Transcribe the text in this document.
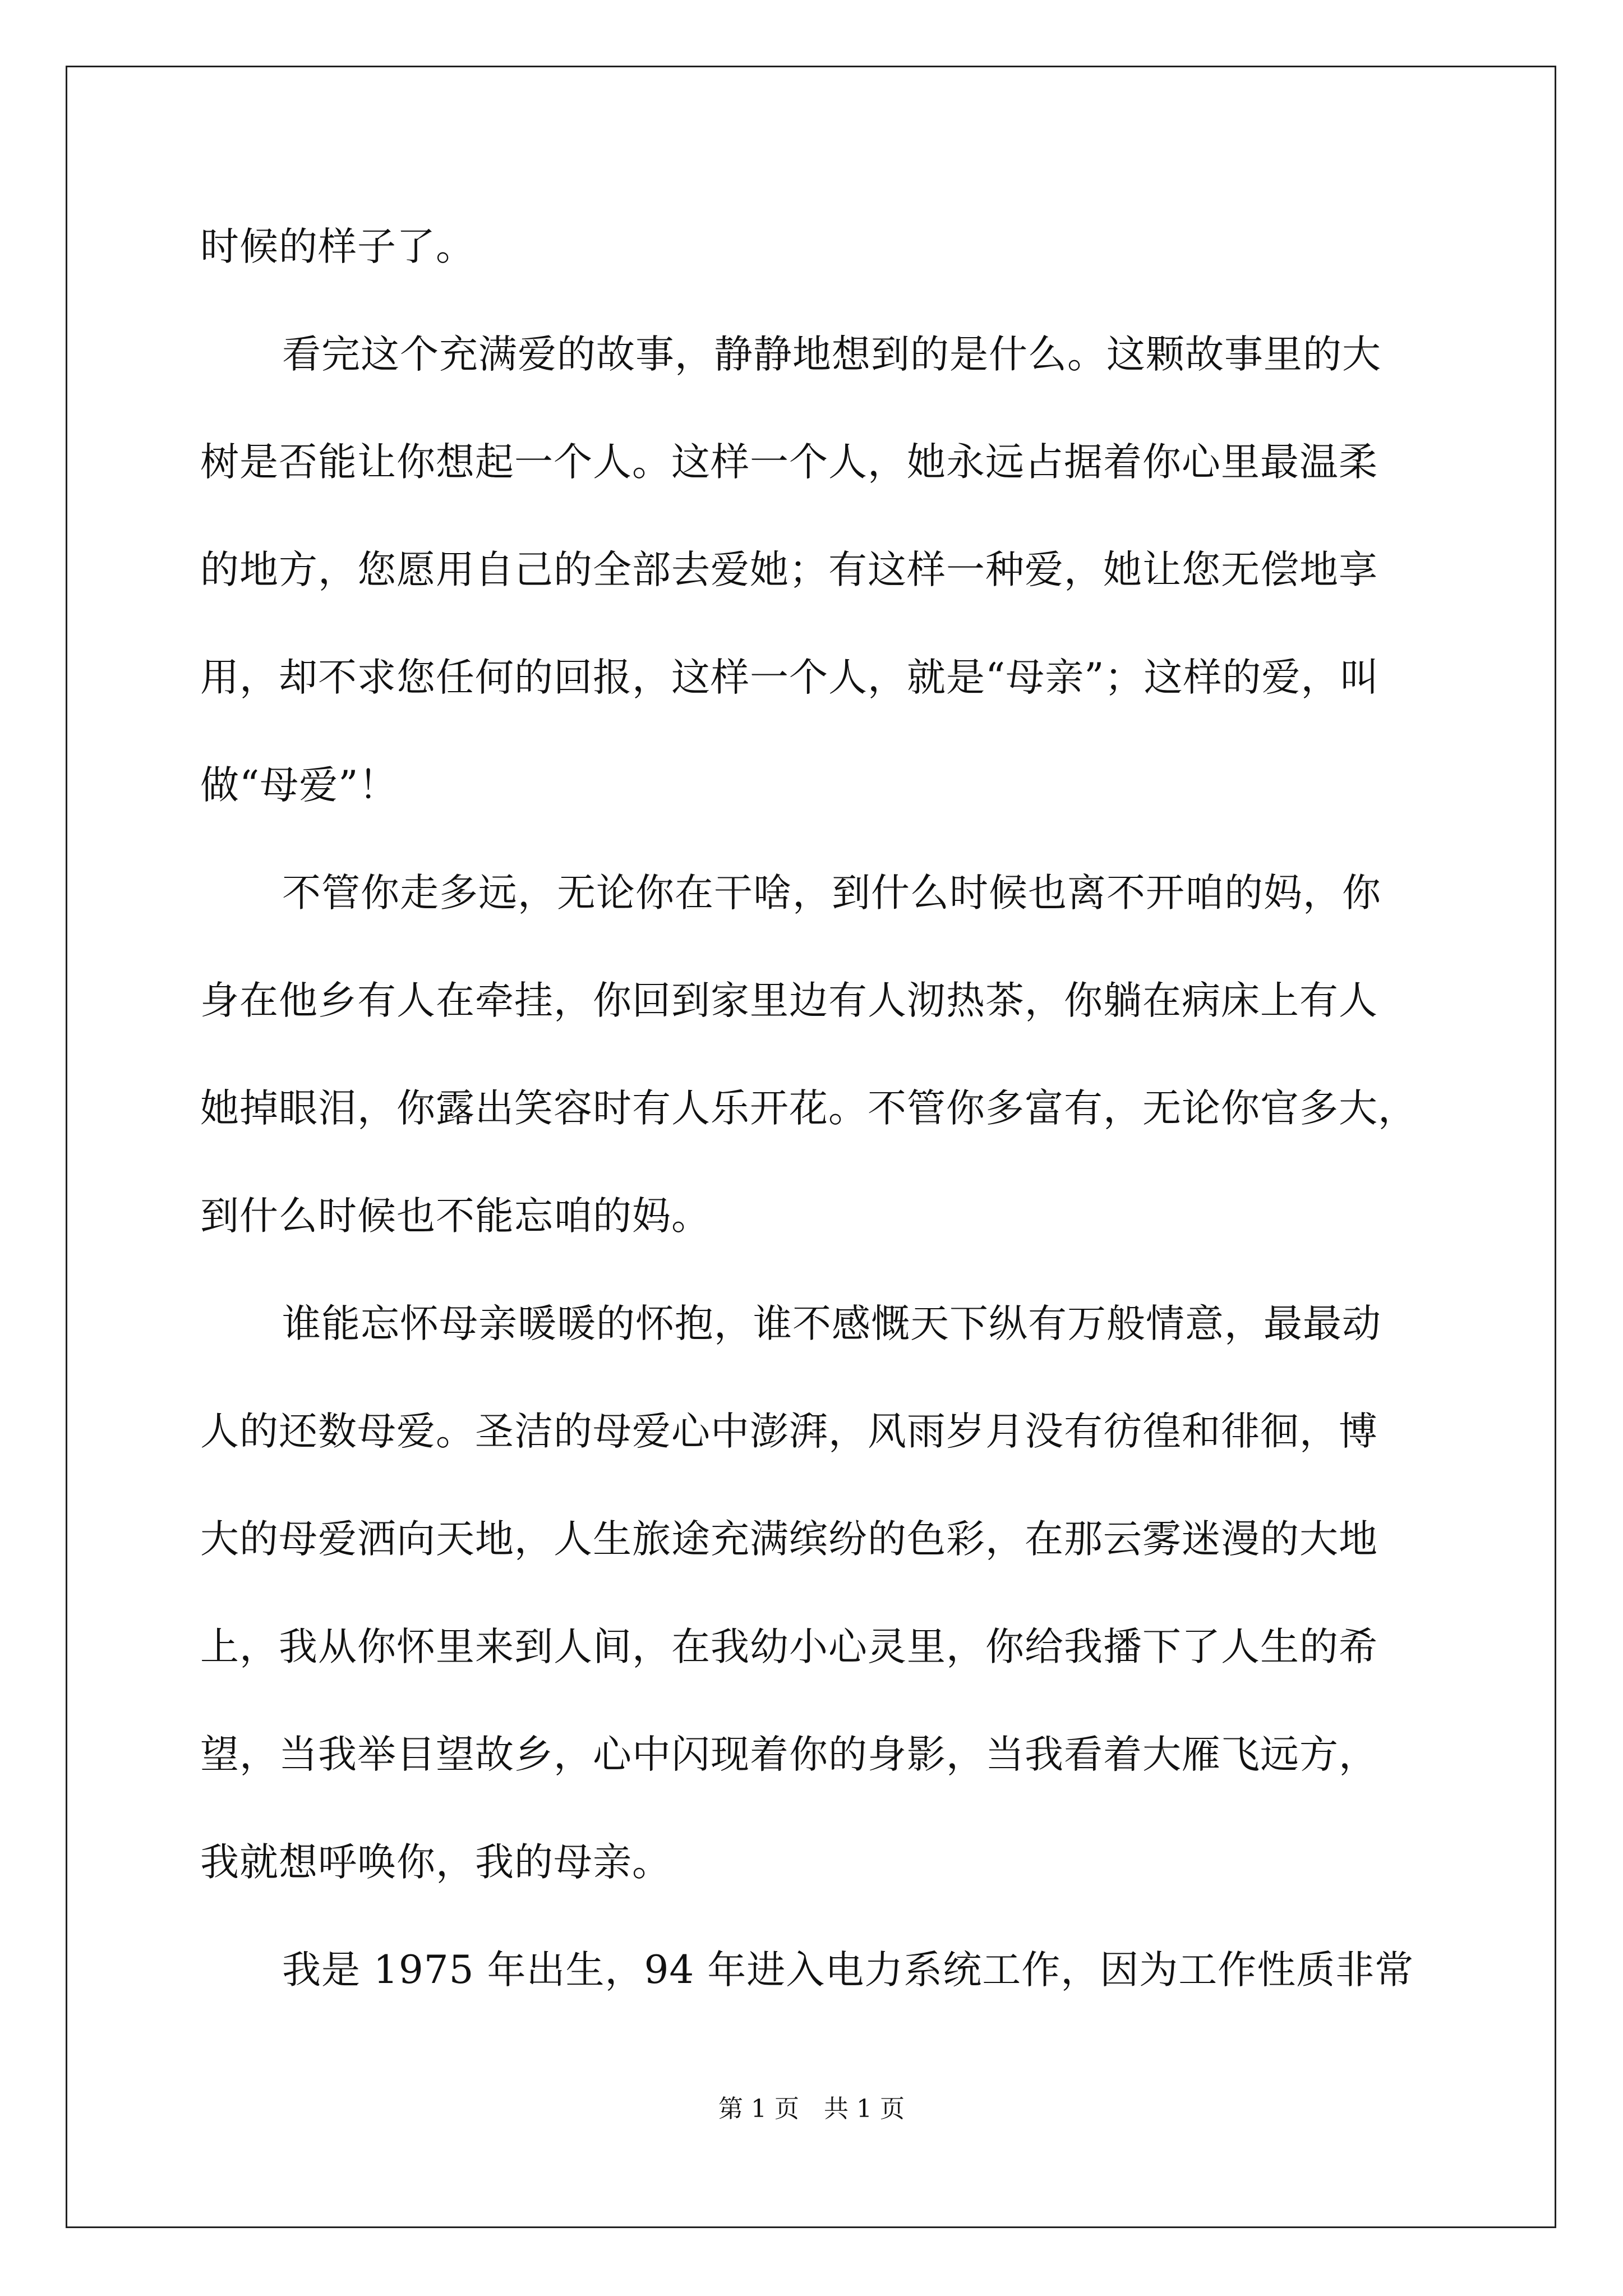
时候的样子了。
看完这个充满爱的故事，静静地想到的是什么。这颗故事里的大
树是否能让你想起一个人。这样一个人，她永远占据着你心里最温柔
的地方，您愿用自己的全部去爱她；有这样一种爱，她让您无偿地享
用，却不求您任何的回报，这样一个人，就是“母亲”；这样的爱，叫
做“母爱”！
不管你走多远，无论你在干啥，到什么时候也离不开咱的妈，你
身在他乡有人在牵挂，你回到家里边有人沏热茶，你躺在病床上有人
她掉眼泪，你露出笑容时有人乐开花。不管你多富有，无论你官多大，
到什么时候也不能忘咱的妈。
谁能忘怀母亲暖暖的怀抱，谁不感慨天下纵有万般情意，最最动
人的还数母爱。圣洁的母爱心中澎湃，风雨岁月没有彷徨和徘徊，博
大的母爱洒向天地，人生旅途充满缤纷的色彩，在那云雾迷漫的大地
上，我从你怀里来到人间，在我幼小心灵里，你给我播下了人生的希
望，当我举目望故乡，心中闪现着你的身影，当我看着大雁飞远方，
我就想呼唤你，我的母亲。
我是 1975 年出生，94 年进入电力系统工作，因为工作性质非常
第 1 页　共 1 页
